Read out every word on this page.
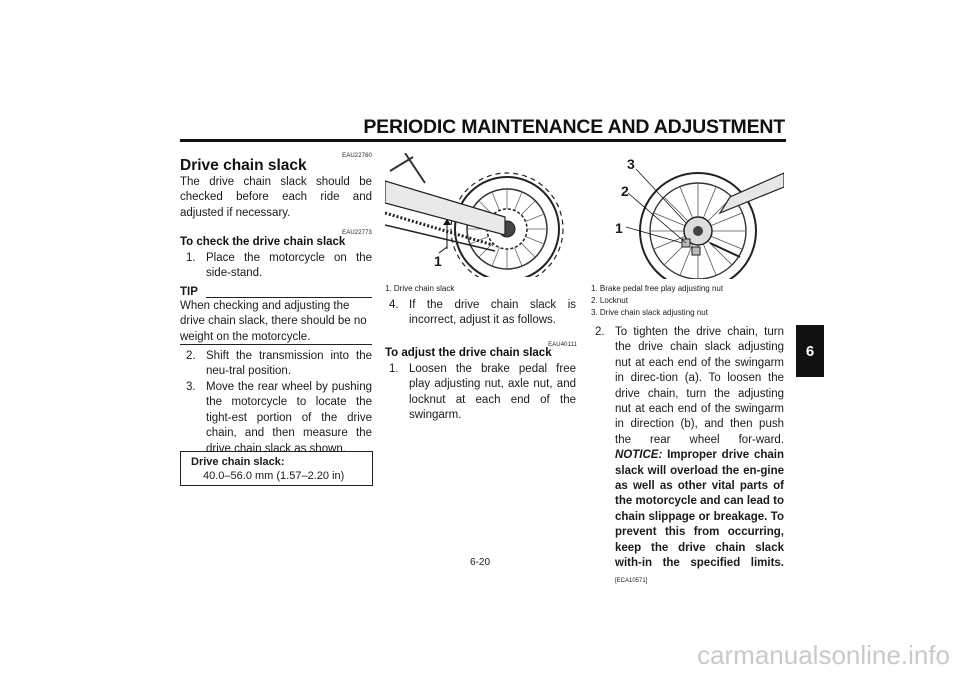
PERIODIC MAINTENANCE AND ADJUSTMENT
6
EAU22760
Drive chain slack
The drive chain slack should be checked before each ride and adjusted if necessary.
EAU22773
To check the drive chain slack
1. Place the motorcycle on the side-stand.
TIP
When checking and adjusting the drive chain slack, there should be no weight on the motorcycle.
2. Shift the transmission into the neu-tral position.
3. Move the rear wheel by pushing the motorcycle to locate the tight-est portion of the drive chain, and then measure the drive chain slack as shown.
Drive chain slack:
40.0–56.0 mm (1.57–2.20 in)
1
1. Drive chain slack
4. If the drive chain slack is incorrect, adjust it as follows.
EAU40111
To adjust the drive chain slack
1. Loosen the brake pedal free play adjusting nut, axle nut, and locknut at each end of the swingarm.
3
2
1
1. Brake pedal free play adjusting nut
2. Locknut
3. Drive chain slack adjusting nut
2. To tighten the drive chain, turn the drive chain slack adjusting nut at each end of the swingarm in direc-tion (a). To loosen the drive chain, turn the adjusting nut at each end of the swingarm in direction (b), and then push the rear wheel for-ward. NOTICE: Improper drive chain slack will overload the en-gine as well as other vital parts of the motorcycle and can lead to chain slippage or breakage. To prevent this from occurring, keep the drive chain slack with-in the specified limits. [ECA10571]
6-20
carmanualsonline.info
